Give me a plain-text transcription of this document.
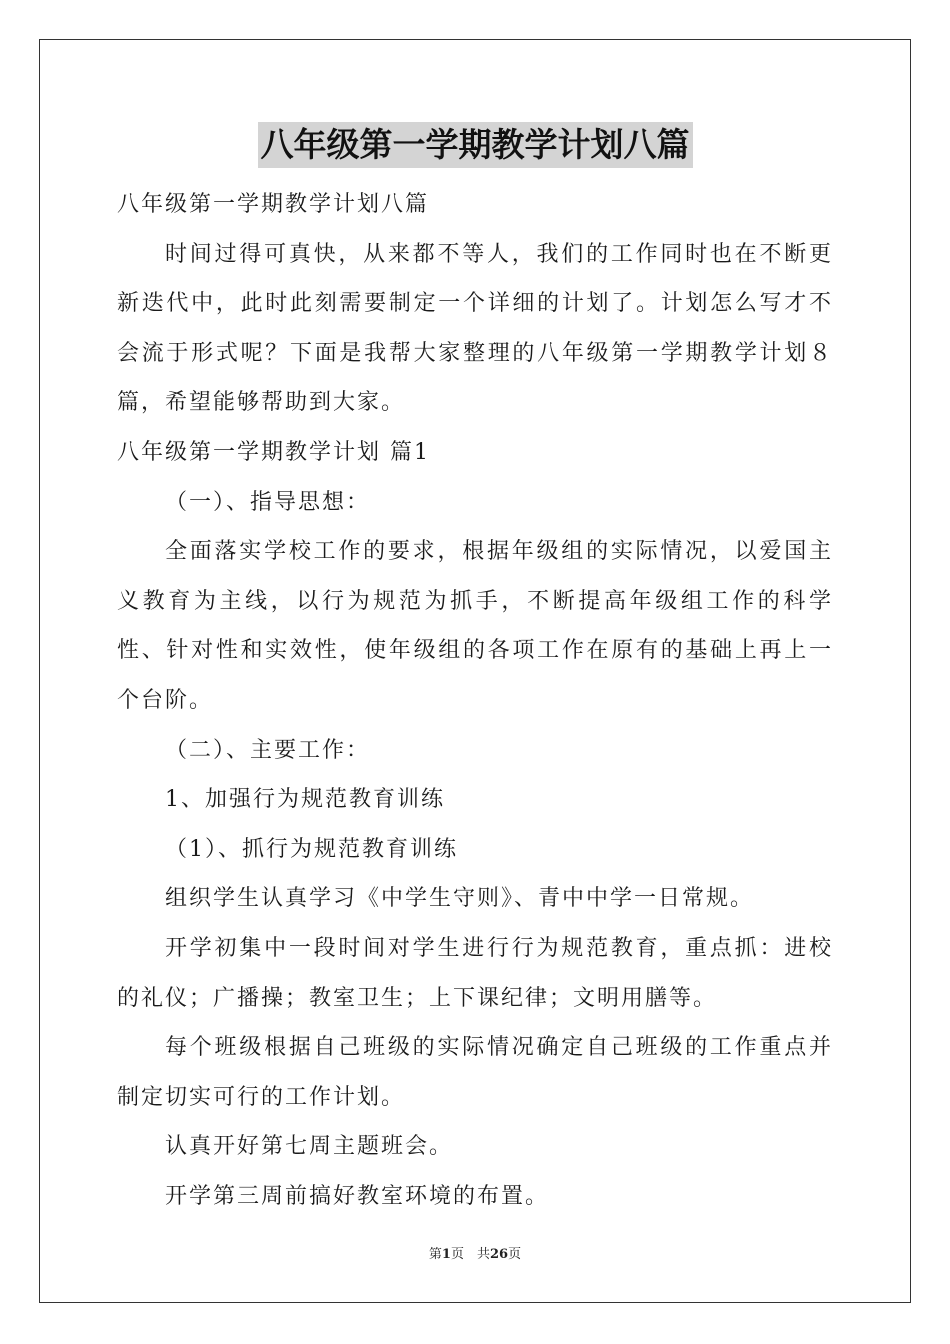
八年级第一学期教学计划八篇

八年级第一学期教学计划八篇

时间过得可真快，从来都不等人，我们的工作同时也在不断更新迭代中，此时此刻需要制定一个详细的计划了。计划怎么写才不会流于形式呢？下面是我帮大家整理的八年级第一学期教学计划８篇，希望能够帮助到大家。

八年级第一学期教学计划 篇1

（一）、指导思想：

全面落实学校工作的要求，根据年级组的实际情况，以爱国主义教育为主线，以行为规范为抓手，不断提高年级组工作的科学性、针对性和实效性，使年级组的各项工作在原有的基础上再上一个台阶。

（二）、主要工作：

1、加强行为规范教育训练

（1）、抓行为规范教育训练

组织学生认真学习《中学生守则》、青中中学一日常规。

开学初集中一段时间对学生进行行为规范教育，重点抓：进校的礼仪；广播操；教室卫生；上下课纪律；文明用膳等。

每个班级根据自己班级的实际情况确定自己班级的工作重点并制定切实可行的工作计划。

认真开好第七周主题班会。

开学第三周前搞好教室环境的布置。

第1页　共26页
